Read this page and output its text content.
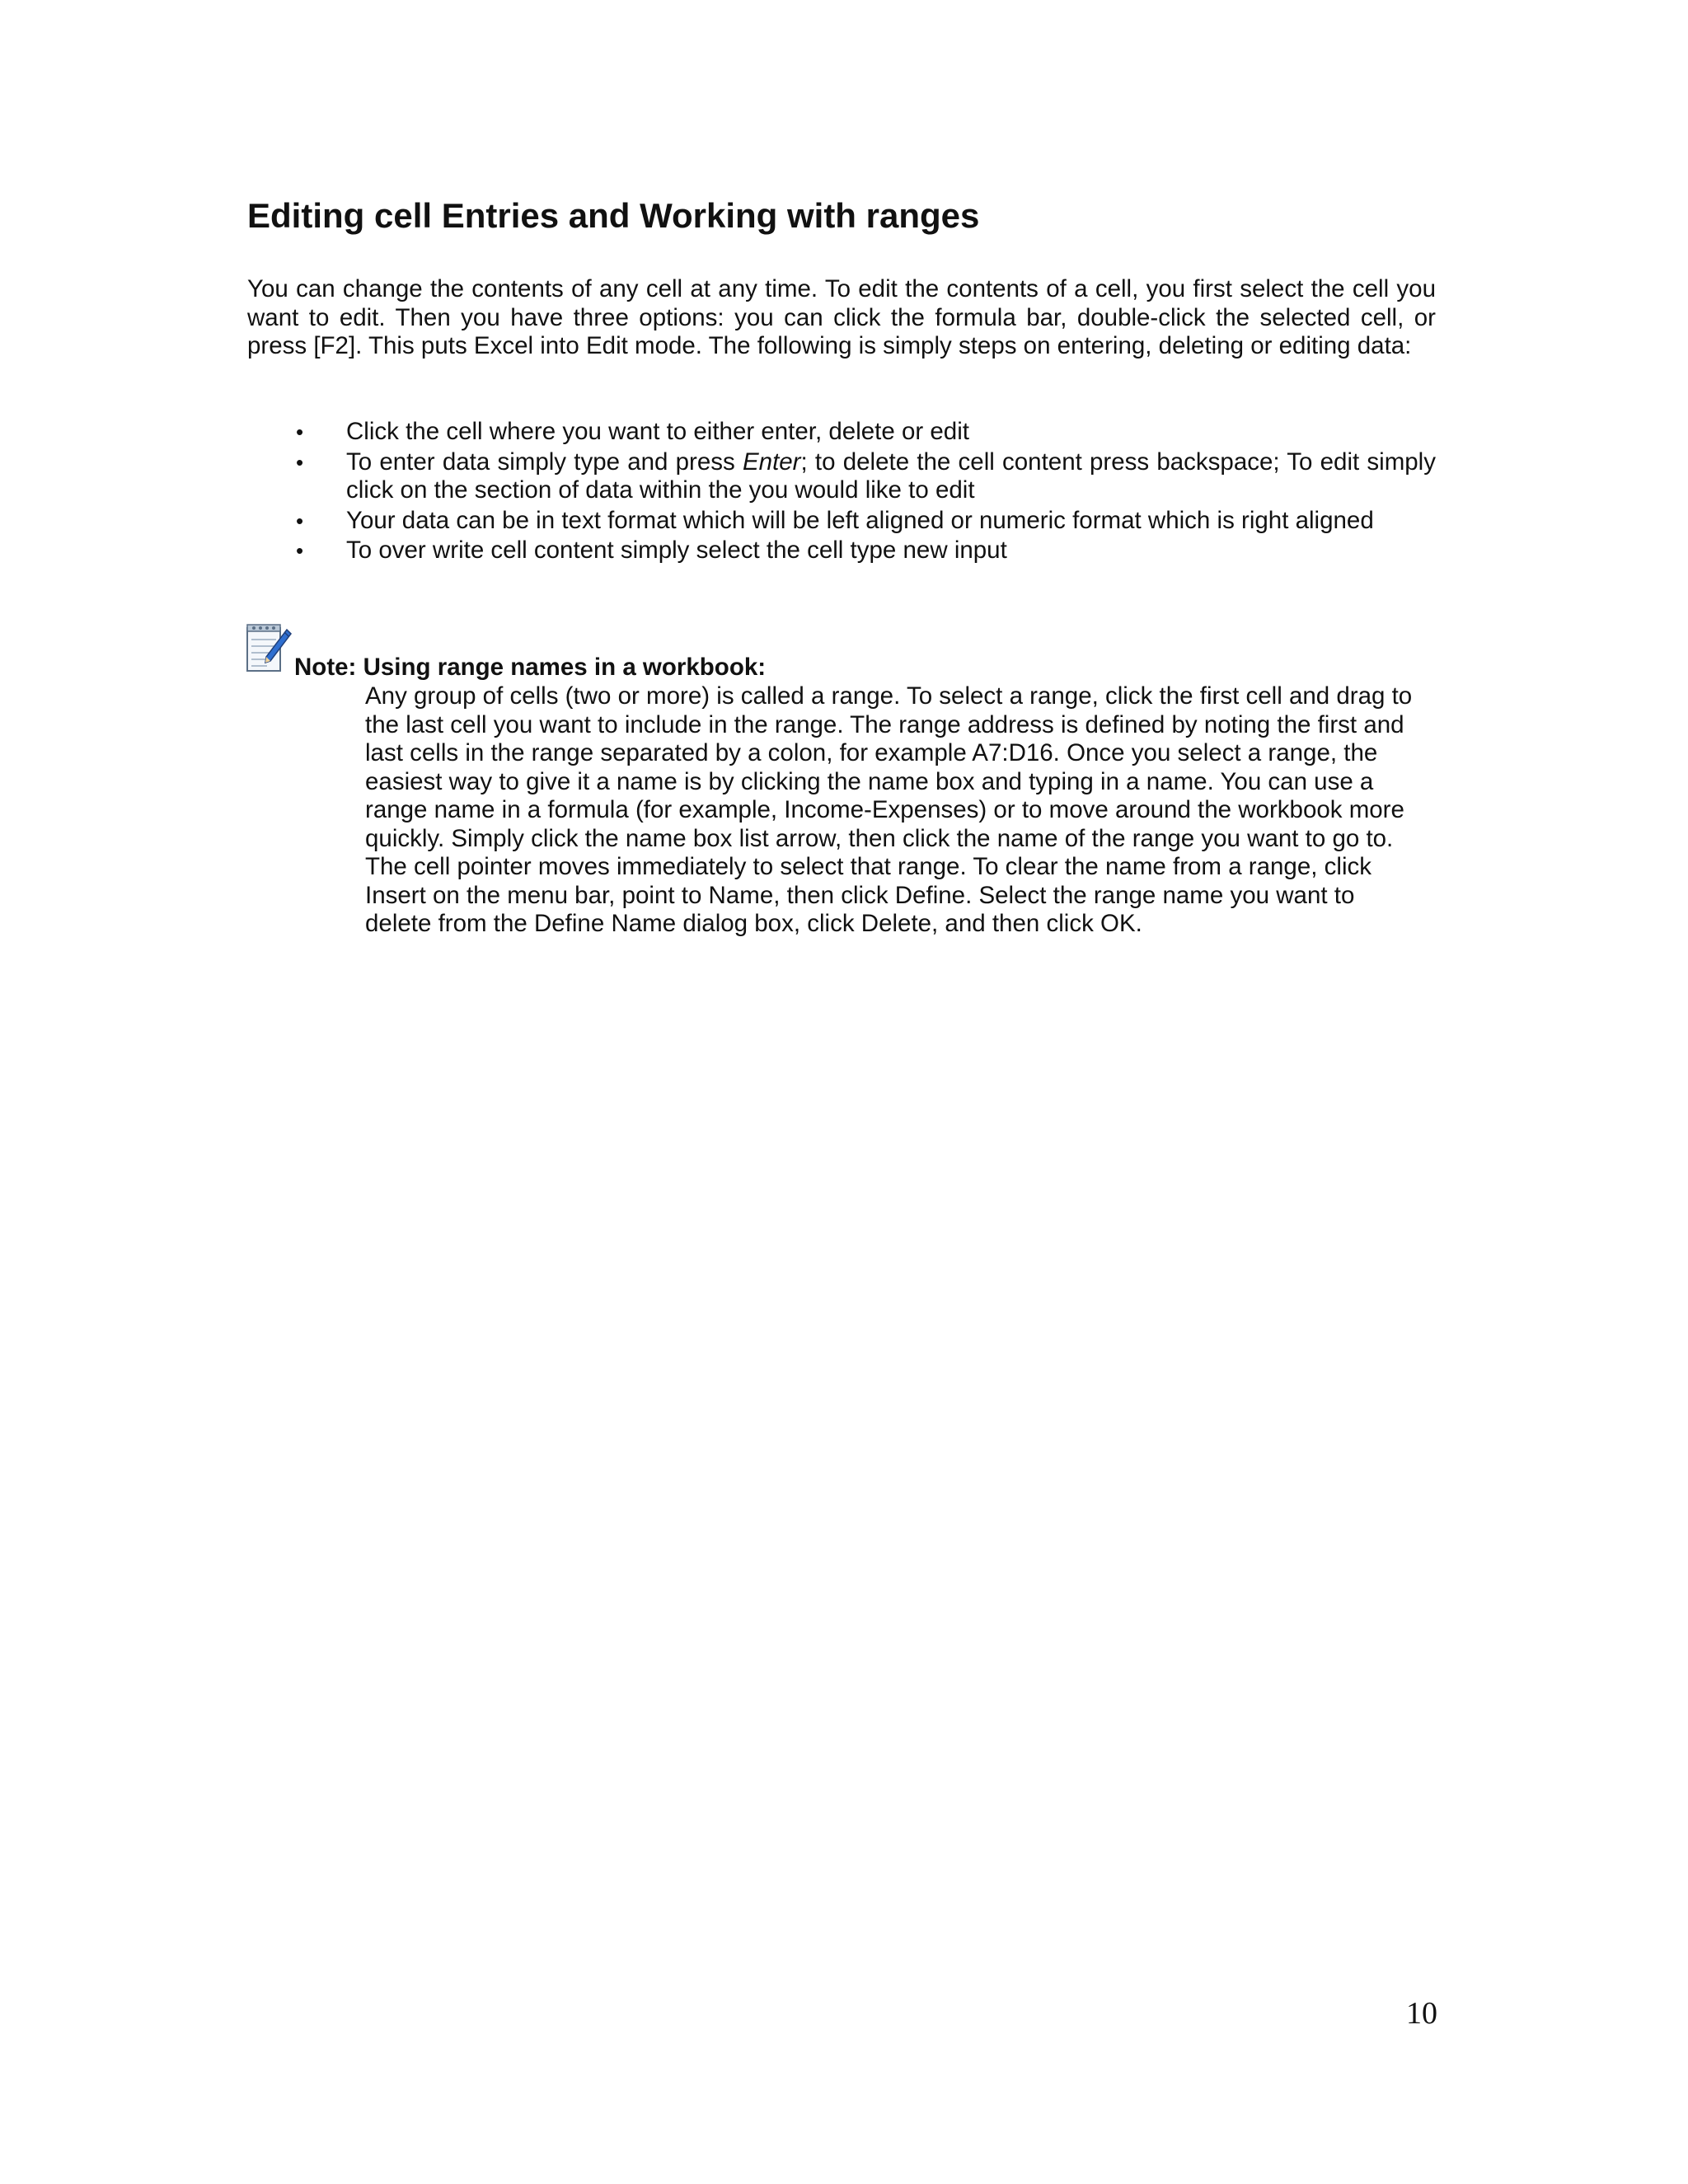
Editing cell Entries and Working with ranges

You can change the contents of any cell at any time. To edit the contents of a cell, you first select the cell you want to edit. Then you have three options: you can click the formula bar, double-click the selected cell, or press [F2]. This puts Excel into Edit mode. The following is simply steps on entering, deleting or editing data:

• Click the cell where you want to either enter, delete or edit
• To enter data simply type and press Enter; to delete the cell content press backspace; To edit simply click on the section of data within the you would like to edit
• Your data can be in text format which will be left aligned or numeric format which is right aligned
• To over write cell content simply select the cell type new input

Note: Using range names in a workbook:

Any group of cells (two or more) is called a range. To select a range, click the first cell and drag to
the last cell you want to include in the range. The range address is defined by noting the first and
last cells in the range separated by a colon, for example A7:D16. Once you select a range, the
easiest way to give it a name is by clicking the name box and typing in a name. You can use a
range name in a formula (for example, Income-Expenses) or to move around the workbook more
quickly. Simply click the name box list arrow, then click the name of the range you want to go to.
The cell pointer moves immediately to select that range. To clear the name from a range, click
Insert on the menu bar, point to Name, then click Define. Select the range name you want to
delete from the Define Name dialog box, click Delete, and then click OK.

10
